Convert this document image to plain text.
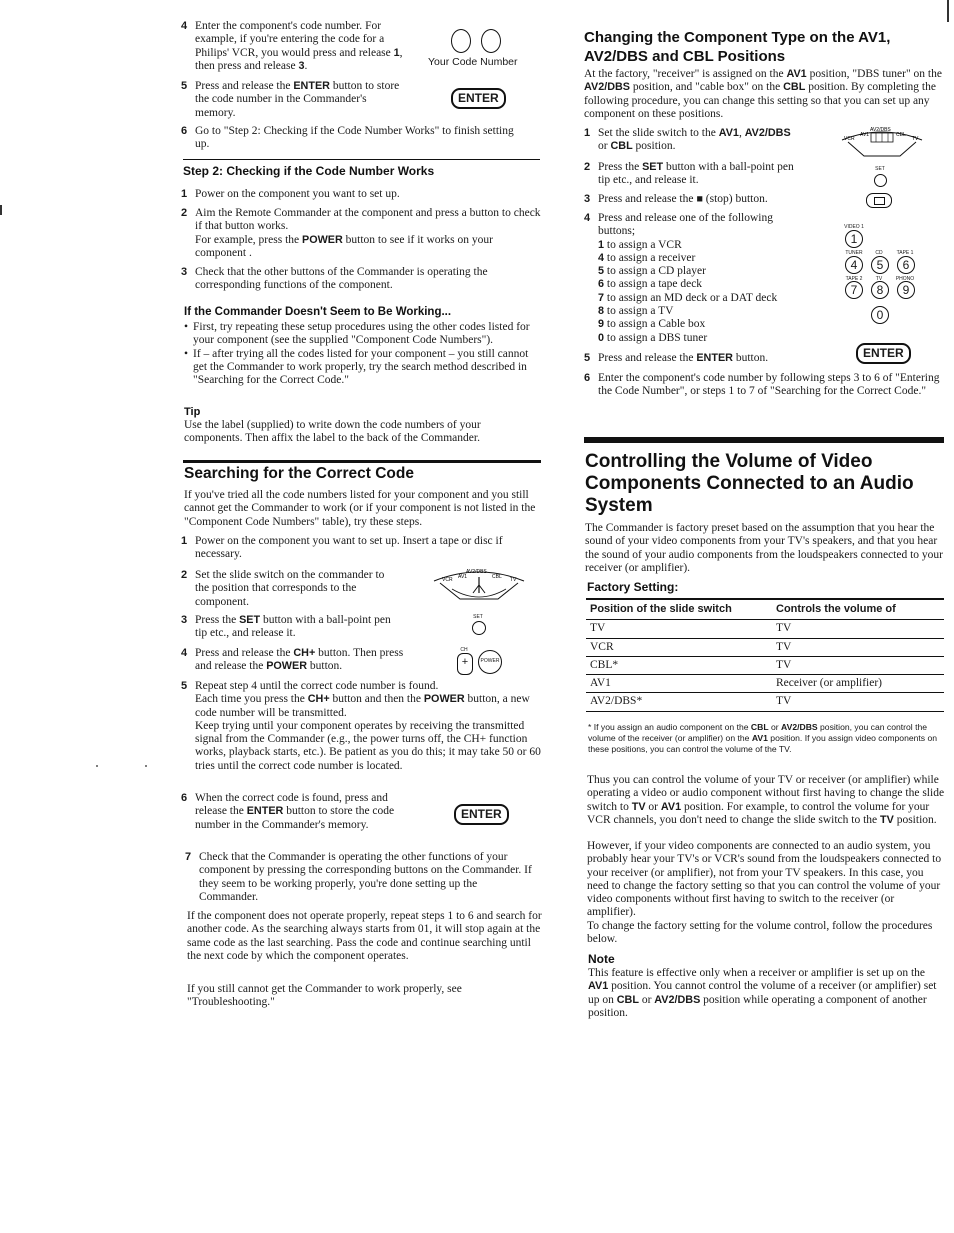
4 Enter the component's code number. For example, if you're entering the code for a Philips' VCR, you would press and release 1, then press and release 3.	Your Code Number
5 Press and release the ENTER button to store the code number in the Commander's memory.
ENTER
6 Go to "Step 2: Checking if the Code Number Works" to finish setting up.
Step 2: Checking if the Code Number Works
1 Power on the component you want to set up.
2 Aim the Remote Commander at the component and press a button to check if that button works.
For example, press the POWER button to see if it works on your component .
3 Check that the other buttons of the Commander is operating the corresponding functions of the component.
If the Commander Doesn't Seem to Be Working...
• First, try repeating these setup procedures using the other codes listed for your component (see the supplied "Component Code Numbers").
• If – after trying all the codes listed for your component – you still cannot get the Commander to work properly, try the search method described in "Searching for the Correct Code."
Tip
Use the label (supplied) to write down the code numbers of your components. Then affix the label to the back of the Commander.
Searching for the Correct Code
If you've tried all the code numbers listed for your component and you still cannot get the Commander to work (or if your component is not listed in the "Component Code Numbers" table), try these steps.
1 Power on the component you want to set up. Insert a tape or disc if necessary.
2 Set the slide switch on the commander to the position that corresponds to the component.
AV2/DBS
VCR AV1	CBL TV
3 Press the SET button with a ball-point pen tip etc., and release it.
SET
4 Press and release the CH+ button. Then press and release the POWER button.
CH
+	POWER
5 Repeat step 4 until the correct code number is found.
Each time you press the CH+ button and then the POWER button, a new code number will be transmitted.
Keep trying until your component operates by receiving the transmitted signal from the Commander (e.g., the power turns off, the CH+ function works, playback starts, etc.). Be patient as you do this; it may take 50 or 60 tries until the correct code number is located.
6 When the correct code is found, press and release the ENTER button to store the code number in the Commander's memory.
ENTER
7 Check that the Commander is operating the other functions of your component by pressing the corresponding buttons on the Commander. If they seem to be working properly, you're done setting up the Commander.
If the component does not operate properly, repeat steps 1 to 6 and search for another code. As the searching always starts from 01, it will stop again at the same code as the last searching. Pass the code and continue searching until the next code by which the component operates.
If you still cannot get the Commander to work properly, see "Troubleshooting."
Changing the Component Type on the AV1, AV2/DBS and CBL Positions
At the factory, "receiver" is assigned on the AV1 position, "DBS tuner" on the AV2/DBS position, and "cable box" on the CBL position. By completing the following procedure, you can change this setting so that you can set up any component on these positions.
1 Set the slide switch to the AV1, AV2/DBS
or CBL position.
AV2/DBS
VCR
AV1	CBL
TV
2 Press the SET button with a ball-point pen tip etc., and release it.
SET
3 Press and release the ■ (stop) button.
4 Press and release one of the following buttons;
1 to assign a VCR
4 to assign a receiver
5 to assign a CD player
6 to assign a tape deck
7 to assign an MD deck or a DAT deck
8 to assign a TV
9 to assign a Cable box
0 to assign a DBS tuner
VIDEO 1
1
TUNER	CD	TAPE 1
4	5	6
TAPE 2	TV	PHONO
7	8	9
0
5 Press and release the ENTER button.	ENTER
6 Enter the component's code number by following steps 3 to 6 of "Entering the Code Number", or steps 1 to 7 of "Searching for the Correct Code."
Controlling the Volume of Video Components Connected to an Audio System
The Commander is factory preset based on the assumption that you hear the sound of your video components from your TV's speakers, and that you hear the sound of your audio components from the loudspeakers connected to your receiver (or amplifier).
Factory Setting:
Position of the slide switch	Controls the volume of
TV	TV
VCR	TV
CBL*	TV
AV1	Receiver (or amplifier)
AV2/DBS*	TV
* If you assign an audio component on the CBL or AV2/DBS position, you can control the volume of the receiver (or amplifier) on the AV1 position. If you assign video components on these positions, you can control the volume of the TV.
Thus you can control the volume of your TV or receiver (or amplifier) while operating a video or audio component without first having to change the slide switch to TV or AV1 position. For example, to control the volume for your VCR channels, you don't need to change the slide switch to the TV position.
However, if your video components are connected to an audio system, you probably hear your TV's or VCR's sound from the loudspeakers connected to your receiver (or amplifier), not from your TV speakers. In this case, you need to change the factory setting so that you can control the volume of your video components without first having to switch to the receiver (or amplifier).
To change the factory setting for the volume control, follow the procedures below.
Note
This feature is effective only when a receiver or amplifier is set up on the AV1 position. You cannot control the volume of a receiver (or amplifier) set up on CBL or AV2/DBS position while operating a component of another position.
